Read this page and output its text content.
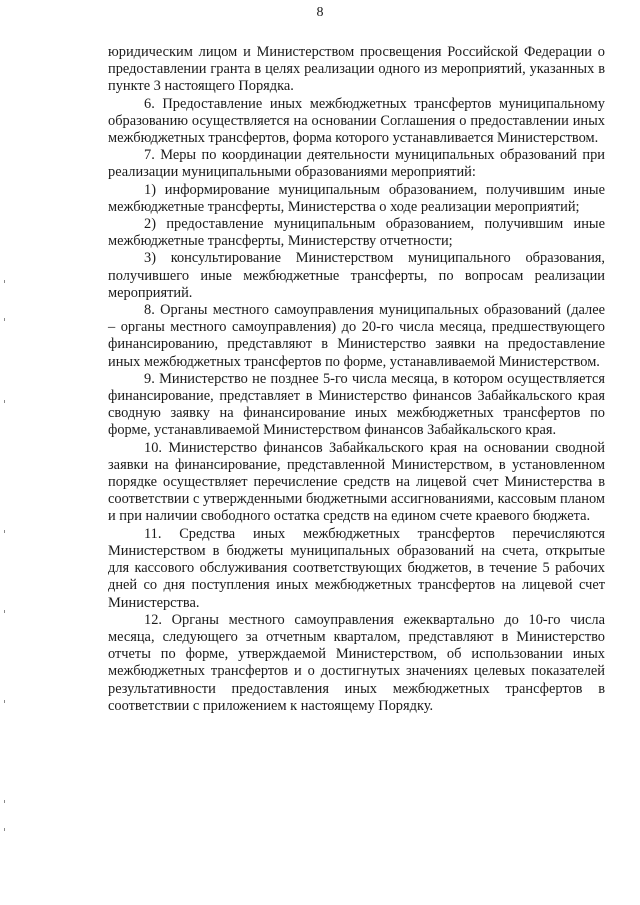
8

юридическим лицом и Министерством просвещения Российской Федерации о предоставлении гранта в целях реализации одного из мероприятий, указанных в пункте 3 настоящего Порядка.

6. Предоставление иных межбюджетных трансфертов муниципальному образованию осуществляется на основании Соглашения о предоставлении иных межбюджетных трансфертов, форма которого устанавливается Министерством.

7. Меры по координации деятельности муниципальных образований при реализации муниципальными образованиями мероприятий:

1) информирование муниципальным образованием, получившим иные межбюджетные трансферты, Министерства о ходе реализации мероприятий;

2) предоставление муниципальным образованием, получившим иные межбюджетные трансферты, Министерству отчетности;

3) консультирование Министерством муниципального образования, получившего иные межбюджетные трансферты, по вопросам реализации мероприятий.

8. Органы местного самоуправления муниципальных образований (далее – органы местного самоуправления) до 20-го числа месяца, предшествующего финансированию, представляют в Министерство заявки на предоставление иных межбюджетных трансфертов по форме, устанавливаемой Министерством.

9. Министерство не позднее 5-го числа месяца, в котором осуществляется финансирование, представляет в Министерство финансов Забайкальского края сводную заявку на финансирование иных межбюджетных трансфертов по форме, устанавливаемой Министерством финансов Забайкальского края.

10. Министерство финансов Забайкальского края на основании сводной заявки на финансирование, представленной Министерством, в установленном порядке осуществляет перечисление средств на лицевой счет Министерства в соответствии с утвержденными бюджетными ассигнованиями, кассовым планом и при наличии свободного остатка средств на едином счете краевого бюджета.

11. Средства иных межбюджетных трансфертов перечисляются Министерством в бюджеты муниципальных образований на счета, открытые для кассового обслуживания соответствующих бюджетов, в течение 5 рабочих дней со дня поступления иных межбюджетных трансфертов на лицевой счет Министерства.

12. Органы местного самоуправления ежеквартально до 10-го числа месяца, следующего за отчетным кварталом, представляют в Министерство отчеты по форме, утверждаемой Министерством, об использовании иных межбюджетных трансфертов и о достигнутых значениях целевых показателей результативности предоставления иных межбюджетных трансфертов в соответствии с приложением к настоящему Порядку.
